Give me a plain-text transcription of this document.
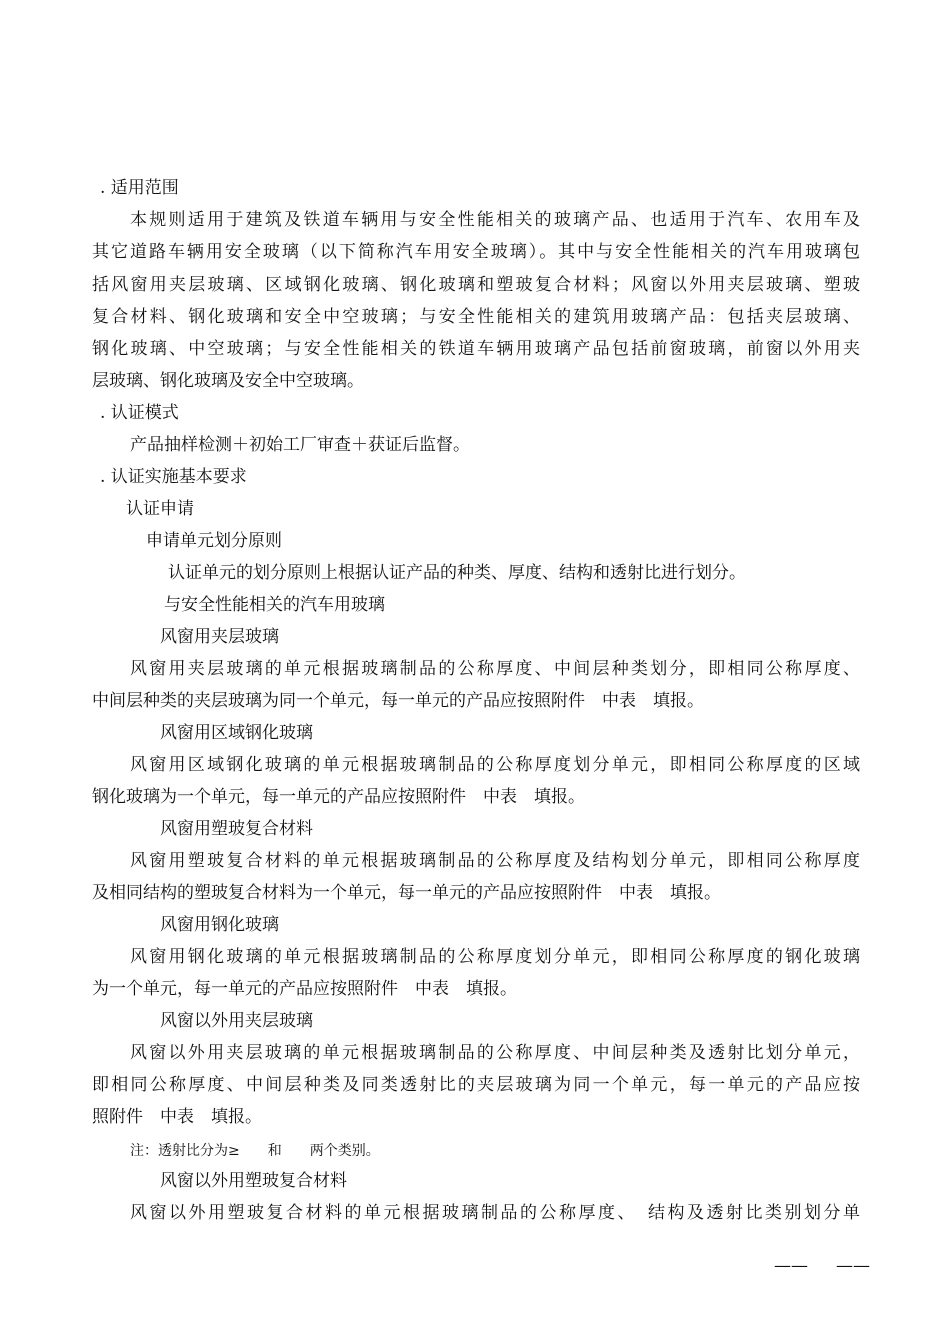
. 适用范围
本规则适用于建筑及铁道车辆用与安全性能相关的玻璃产品、也适用于汽车、农用车及
其它道路车辆用安全玻璃（以下简称汽车用安全玻璃）。其中与安全性能相关的汽车用玻璃包
括风窗用夹层玻璃、区域钢化玻璃、钢化玻璃和塑玻复合材料；风窗以外用夹层玻璃、塑玻
复合材料、钢化玻璃和安全中空玻璃；与安全性能相关的建筑用玻璃产品：包括夹层玻璃、
钢化玻璃、中空玻璃；与安全性能相关的铁道车辆用玻璃产品包括前窗玻璃，前窗以外用夹
层玻璃、钢化玻璃及安全中空玻璃。
. 认证模式
产品抽样检测＋初始工厂审查＋获证后监督。
. 认证实施基本要求
认证申请
申请单元划分原则
认证单元的划分原则上根据认证产品的种类、厚度、结构和透射比进行划分。
与安全性能相关的汽车用玻璃
风窗用夹层玻璃
风窗用夹层玻璃的单元根据玻璃制品的公称厚度、中间层种类划分，即相同公称厚度、
中间层种类的夹层玻璃为同一个单元，每一单元的产品应按照附件　中表　填报。
风窗用区域钢化玻璃
风窗用区域钢化玻璃的单元根据玻璃制品的公称厚度划分单元，即相同公称厚度的区域
钢化玻璃为一个单元，每一单元的产品应按照附件　中表　填报。
风窗用塑玻复合材料
风窗用塑玻复合材料的单元根据玻璃制品的公称厚度及结构划分单元，即相同公称厚度
及相同结构的塑玻复合材料为一个单元，每一单元的产品应按照附件　中表　填报。
风窗用钢化玻璃
风窗用钢化玻璃的单元根据玻璃制品的公称厚度划分单元，即相同公称厚度的钢化玻璃
为一个单元，每一单元的产品应按照附件　中表　填报。
风窗以外用夹层玻璃
风窗以外用夹层玻璃的单元根据玻璃制品的公称厚度、中间层种类及透射比划分单元，
即相同公称厚度、中间层种类及同类透射比的夹层玻璃为同一个单元，每一单元的产品应按
照附件　中表　填报。
注：透射比分为≥　　和　　两个类别。
风窗以外用塑玻复合材料
风窗以外用塑玻复合材料的单元根据玻璃制品的公称厚度、　结构及透射比类别划分单
—— ——
